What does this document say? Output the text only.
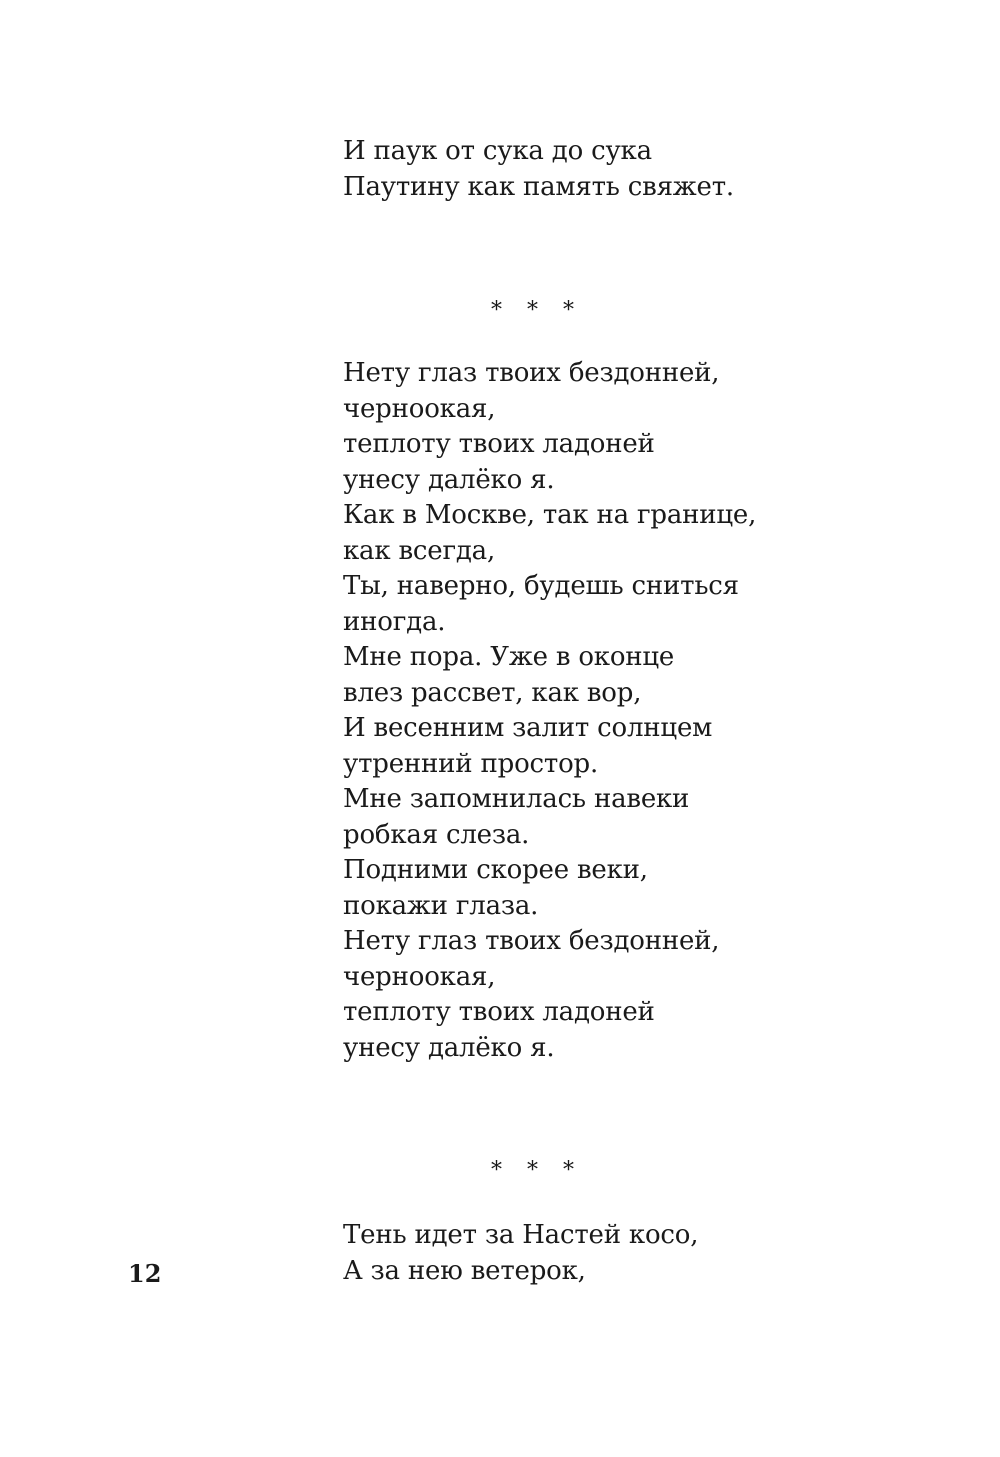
И паук от сука до сука
Паутину как память свяжет.
* * *
Нету глаз твоих бездонней,
черноокая,
теплоту твоих ладоней
унесу далёко я.
Как в Москве, так на границе,
как всегда,
Ты, наверно, будешь сниться
иногда.
Мне пора. Уже в оконце
влез рассвет, как вор,
И весенним залит солнцем
утренний простор.
Мне запомнилась навеки
робкая слеза.
Подними скорее веки,
покажи глаза.
Нету глаз твоих бездонней,
черноокая,
теплоту твоих ладоней
унесу далёко я.
* * *
Тень идет за Настей косо,
А за нею ветерок,
12
